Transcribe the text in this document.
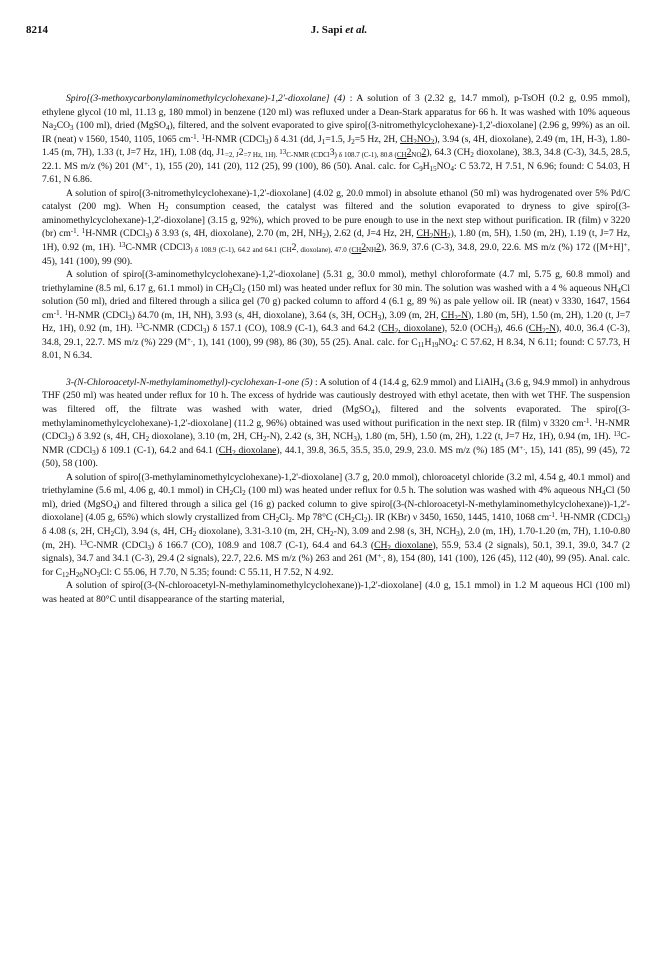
8214	J. Sapi et al.

Spiro[(3-methoxycarbonylaminomethylcyclohexane)-1,2'-dioxolane] (4) : A solution of 3 (2.32 g, 14.7 mmol), p-TsOH (0.2 g, 0.95 mmol), ethylene glycol (10 ml, 11.13 g, 180 mmol) in benzene (120 ml) was refluxed under a Dean-Stark apparatus for 66 h. It was washed with 10% aqueous $Na_2CO_3$ (100 ml), dried (MgSO$_4$), filtered, and the solvent evaporated to give spiro[(3-nitromethylcyclohexane)-1,2'-dioxolane] (2.96 g, 99%) as an oil. IR (neat) ν 1560, 1540, 1105, 1065 $cm^{-1}$. $^1$H-NMR (CDCl$_3$) δ 4.31 (dd, $J_1=1.5$, $J_2=5$ Hz, 2H, $CH_2NO_2$), 3.94 (s, 4H, dioxolane), 2.49 (m, 1H, H-3), 1.80-1.45 (m, 7H), 1.33 (t, J=7 Hz, 1H), 1.08 (dq, $J1_{=2, J}2_{=7 Hz, 1H). ^{13}C-NMR (CDCl}3_{) \delta 108.7 (C-1), 80.8 (CH}2_{NO}2$), 64.3 ($CH_2$ dioxolane), 38.3, 34.8 (C-3), 34.5, 28.5, 22.1. MS m/z (%) 201 (M+., 1), 155 (20), 141 (20), 112 (25), 99 (100), 86 (50). Anal. calc. for $C_9H_{15}NO_4$: C 53.72, H 7.51, N 6.96; found: C 54.03, H 7.61, N 6.86.

A solution of spiro[(3-nitromethylcyclohexane)-1,2'-dioxolane] (4.02 g, 20.0 mmol) in absolute ethanol (50 ml) was hydrogenated over 5% Pd/C catalyst (200 mg). When $H_2$ consumption ceased, the catalyst was filtered and the solution evaporated to dryness to give spiro[(3-aminomethylcyclohexane)-1,2'-dioxolane] (3.15 g, 92%), which proved to be pure enough to use in the next step without purification. IR (film) ν 3220 (br) $cm^{-1}$. $^1$H-NMR (CDCl$_3$) δ 3.93 (s, 4H, dioxolane), 2.70 (m, 2H, $NH_2$), 2.62 (d, J=4 Hz, 2H, $CH_2NH_2$), 1.80 (m, 5H), 1.50 (m, 2H), 1.19 (t, J=7 Hz, 1H), 0.92 (m, 1H). $^{13}$C-NMR $(CDCl3_{) \delta 108.9 (C-1), 64.2 and 64.1 (CH}2_{, dioxolane), 47.0 (CH}2_{NH}2)$, 36.9, 37.6 (C-3), 34.8, 29.0, 22.6. MS m/z (%) 172 ([M+H]+, 45), 141 (100), 99 (90).

A solution of spiro[(3-aminomethylcyclohexane)-1,2'-dioxolane] (5.31 g, 30.0 mmol), methyl chloroformate (4.7 ml, 5.75 g, 60.8 mmol) and triethylamine (8.5 ml, 6.17 g, 61.1 mmol) in $CH_2Cl_2$ (150 ml) was heated under reflux for 30 min. The solution was washed with a 4 % aqueous $NH_4Cl$ solution (50 ml), dried and filtered through a silica gel (70 g) packed column to afford 4 (6.1 g, 89 %) as pale yellow oil. IR (neat) ν 3330, 1647, 1564 $cm^{-1}$. $^1$H-NMR (CDCl$_3$) δ4.70 (m, 1H, NH), 3.93 (s, 4H, dioxolane), 3.64 (s, 3H, $OCH_3$), 3.09 (m, 2H, $CH_2-N$), 1.80 (m, 5H), 1.50 (m, 2H), 1.20 (t, J=7 Hz, 1H), 0.92 (m, 1H). $^{13}$C-NMR (CDCl$_3$) δ 157.1 (CO), 108.9 (C-1), 64.3 and 64.2 ($CH_2$, dioxolane), 52.0 $(OCH_3)$, 46.6 $(CH_2-N)$, 40.0, 36.4 (C-3), 34.8, 29.1, 22.7. MS m/z (%) 229 (M+., 1), 141 (100), 99 (98), 86 (30), 55 (25). Anal. calc. for $C_{11}H_{19}NO_4$: C 57.62, H 8.34, N 6.11; found: C 57.73, H 8.01, N 6.34.

3-(N-Chloroacetyl-N-methylaminomethyl)-cyclohexan-1-one (5) : A solution of 4 (14.4 g, 62.9 mmol) and LiAlH$_4$ (3.6 g, 94.9 mmol) in anhydrous THF (250 ml) was heated under reflux for 10 h. The excess of hydride was cautiously destroyed with ethyl acetate, then with wet THF. The suspension was filtered off, the filtrate was washed with water, dried (MgSO$_4$), filtered and the solvents evaporated. The spiro[(3-methylaminomethylcyclohexane)-1,2'-dioxolane] (11.2 g, 96%) obtained was used without purification in the next step. IR (film) ν 3320 $cm^{-1}$. $^1$H-NMR (CDCl$_3$) δ 3.92 (s, 4H, $CH_2$ dioxolane), 3.10 (m, 2H, $CH_2-N$), 2.42 (s, 3H, $NCH_3$), 1.80 (m, 5H), 1.50 (m, 2H), 1.22 (t, J=7 Hz, 1H), 0.94 (m, 1H). $^{13}$C-NMR (CDCl$_3$) δ 109.1 (C-1), 64.2 and 64.1 ($CH_2$ dioxolane), 44.1, 39.8, 36.5, 35.5, 35.0, 29.9, 23.0. MS m/z (%) 185 (M+., 15), 141 (85), 99 (45), 72 (50), 58 (100).

A solution of spiro[(3-methylaminomethylcyclohexane)-1,2'-dioxolane] (3.7 g, 20.0 mmol), chloroacetyl chloride (3.2 ml, 4.54 g, 40.1 mmol) and triethylamine (5.6 ml, 4.06 g, 40.1 mmol) in $CH_2Cl_2$ (100 ml) was heated under reflux for 0.5 h. The solution was washed with 4% aqueous $NH_4Cl$ (50 ml), dried (MgSO$_4$) and filtered through a silica gel (16 g) packed column to give spiro[(3-(N-chloroacetyl-N-methylaminomethylcyclohexane))-1,2'-dioxolane] (4.05 g, 65%) which slowly crystallized from $CH_2Cl_2$. Mp 78°C $(CH_2Cl_2)$. IR (KBr) ν 3450, 1650, 1445, 1410, 1068 $cm^{-1}$. $^1$H-NMR (CDCl$_3$) δ 4.08 (s, 2H, $CH_2Cl$), 3.94 (s, 4H, $CH_2$ dioxolane), 3.31-3.10 (m, 2H, $CH_2-N$), 3.09 and 2.98 (s, 3H, $NCH_3$), 2.0 (m, 1H), 1.70-1.20 (m, 7H), 1.10-0.80 (m, 2H). $^{13}$C-NMR (CDCl$_3$) δ 166.7 (CO), 108.9 and 108.7 (C-1), 64.4 and 64.3 ($CH_2$ dioxolane), 55.9, 53.4 (2 signals), 50.1, 39.1, 39.0, 34.7 (2 signals), 34.7 and 34.1 (C-3), 29.4 (2 signals), 22.7, 22.6. MS m/z (%) 263 and 261 (M+., 8), 154 (80), 141 (100), 126 (45), 112 (40), 99 (95). Anal. calc. for $C_{12}H_{20}NO_3Cl$: C 55.06, H 7.70, N 5.35; found: C 55.11, H 7.52, N 4.92.

A solution of spiro[(3-(N-chloroacetyl-N-methylaminomethylcyclohexane))-1,2'-dioxolane] (4.0 g, 15.1 mmol) in 1.2 M aqueous HCl (100 ml) was heated at 80°C until disappearance of the starting material,
